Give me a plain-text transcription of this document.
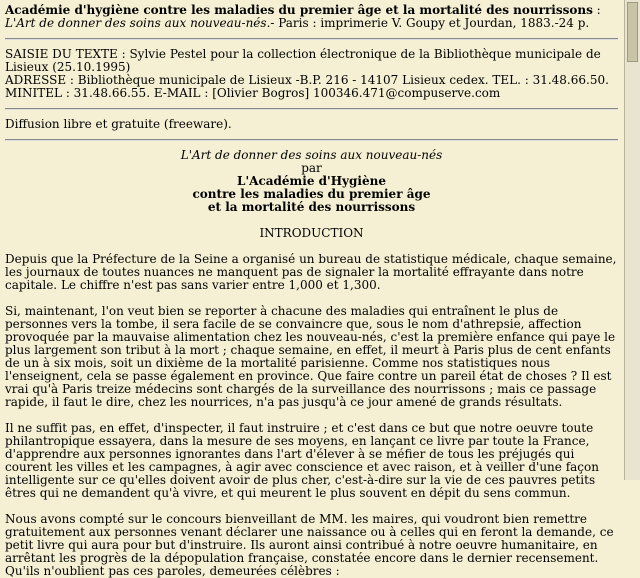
Académie d'hygiène contre les maladies du premier âge et la mortalité des nourrissons : L'Art de donner des soins aux nouveau-nés.- Paris : imprimerie V. Goupy et Jourdan, 1883.-24 p.

SAISIE DU TEXTE : Sylvie Pestel pour la collection électronique de la Bibliothèque municipale de Lisieux (25.10.1995)

ADRESSE : Bibliothèque municipale de Lisieux -B.P. 216 - 14107 Lisieux cedex. TEL. : 31.48.66.50. MINITEL : 31.48.66.55. E-MAIL : [Olivier Bogros] 100346.471@compuserve.com

Diffusion libre et gratuite (freeware).

L'Art de donner des soins aux nouveau-nés
par
L'Académie d'Hygiène
contre les maladies du premier âge
et la mortalité des nourrissons
INTRODUCTION

Depuis que la Préfecture de la Seine a organisé un bureau de statistique médicale, chaque semaine, les journaux de toutes nuances ne manquent pas de signaler la mortalité effrayante dans notre capitale. Le chiffre n'est pas sans varier entre 1,000 et 1,300.

Si, maintenant, l'on veut bien se reporter à chacune des maladies qui entraînent le plus de personnes vers la tombe, il sera facile de se convaincre que, sous le nom d'athrepsie, affection provoquée par la mauvaise alimentation chez les nouveau-nés, c'est la première enfance qui paye le plus largement son tribut à la mort ; chaque semaine, en effet, il meurt à Paris plus de cent enfants de un à six mois, soit un dixième de la mortalité parisienne. Comme nos statistiques nous l'enseignent, cela se passe également en province. Que faire contre un pareil état de choses ? Il est vrai qu'à Paris treize médecins sont chargés de la surveillance des nourrissons ; mais ce passage rapide, il faut le dire, chez les nourrices, n'a pas jusqu'à ce jour amené de grands résultats.

Il ne suffit pas, en effet, d'inspecter, il faut instruire ; et c'est dans ce but que notre oeuvre toute philantropique essayera, dans la mesure de ses moyens, en lançant ce livre par toute la France, d'apprendre aux personnes ignorantes dans l'art d'élever à se méfier de tous les préjugés qui courent les villes et les campagnes, à agir avec conscience et avec raison, et à veiller d'une façon intelligente sur ce qu'elles doivent avoir de plus cher, c'est-à-dire sur la vie de ces pauvres petits êtres qui ne demandent qu'à vivre, et qui meurent le plus souvent en dépit du sens commun.

Nous avons compté sur le concours bienveillant de MM. les maires, qui voudront bien remettre gratuitement aux personnes venant déclarer une naissance ou à celles qui en feront la demande, ce petit livre qui aura pour but d'instruire. Ils auront ainsi contribué à notre oeuvre humanitaire, en arrêtant les progrès de la dépopulation française, constatée encore dans le dernier recensement. Qu'ils n'oublient pas ces paroles, demeurées célèbres :
